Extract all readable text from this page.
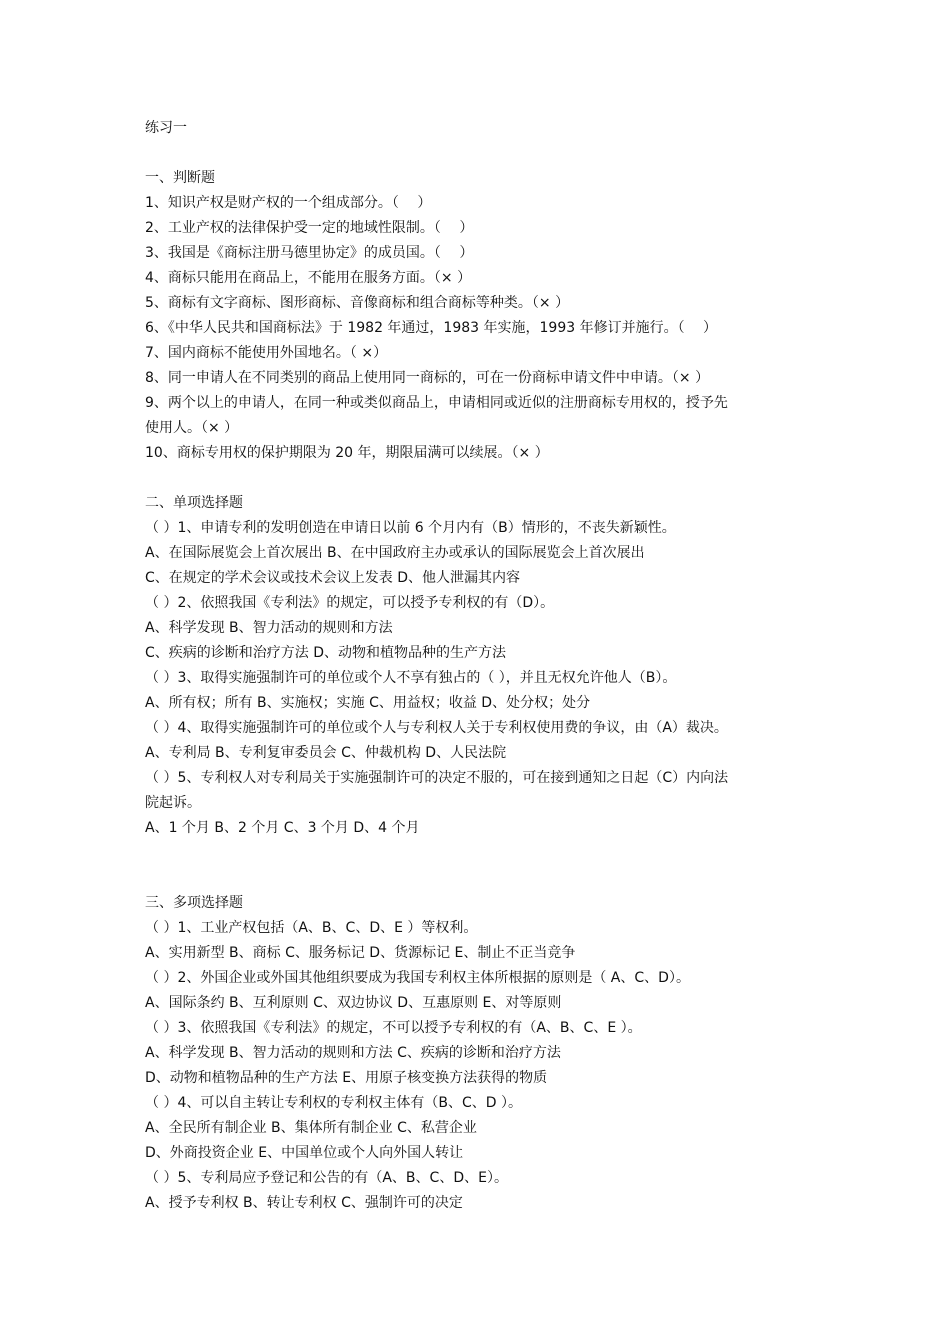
练习一
一、判断题
1、知识产权是财产权的一个组成部分。（　 ）
2、工业产权的法律保护受一定的地域性限制。（　 ）
3、我国是《商标注册马德里协定》的成员国。（　 ）
4、商标只能用在商品上，不能用在服务方面。（× ）
5、商标有文字商标、图形商标、音像商标和组合商标等种类。（× ）
6、《中华人民共和国商标法》于 1982 年通过，1983 年实施，1993 年修订并施行。（　 ）
7、国内商标不能使用外国地名。（ ×）
8、同一申请人在不同类别的商品上使用同一商标的，可在一份商标申请文件中申请。（× ）
9、两个以上的申请人，在同一种或类似商品上，申请相同或近似的注册商标专用权的，授予先
使用人。（× ）
10、商标专用权的保护期限为 20 年，期限届满可以续展。（× ）
二、单项选择题
（ ）1、申请专利的发明创造在申请日以前 6 个月内有（B）情形的，不丧失新颖性。
A、在国际展览会上首次展出 B、在中国政府主办或承认的国际展览会上首次展出
C、在规定的学术会议或技术会议上发表 D、他人泄漏其内容
（ ）2、依照我国《专利法》的规定，可以授予专利权的有（D）。
A、科学发现 B、智力活动的规则和方法
C、疾病的诊断和治疗方法 D、动物和植物品种的生产方法
（ ）3、取得实施强制许可的单位或个人不享有独占的（ ），并且无权允许他人（B）。
A、所有权；所有 B、实施权；实施 C、用益权；收益 D、处分权；处分
（ ）4、取得实施强制许可的单位或个人与专利权人关于专利权使用费的争议，由（A）裁决。
A、专利局 B、专利复审委员会 C、仲裁机构 D、人民法院
（ ）5、专利权人对专利局关于实施强制许可的决定不服的，可在接到通知之日起（C）内向法
院起诉。
A、1 个月 B、2 个月 C、3 个月 D、4 个月
三、多项选择题
（ ）1、工业产权包括（A、B、C、D、E ）等权利。
A、实用新型 B、商标 C、服务标记 D、货源标记 E、制止不正当竞争
（ ）2、外国企业或外国其他组织要成为我国专利权主体所根据的原则是（ A、C、D）。
A、国际条约 B、互利原则 C、双边协议 D、互惠原则 E、对等原则
（ ）3、依照我国《专利法》的规定，不可以授予专利权的有（A、B、C、E ）。
A、科学发现 B、智力活动的规则和方法 C、疾病的诊断和治疗方法
D、动物和植物品种的生产方法 E、用原子核变换方法获得的物质
（ ）4、可以自主转让专利权的专利权主体有（B、C、D ）。
A、全民所有制企业 B、集体所有制企业 C、私营企业
D、外商投资企业 E、中国单位或个人向外国人转让
（ ）5、专利局应予登记和公告的有（A、B、C、D、E）。
A、授予专利权 B、转让专利权 C、强制许可的决定
